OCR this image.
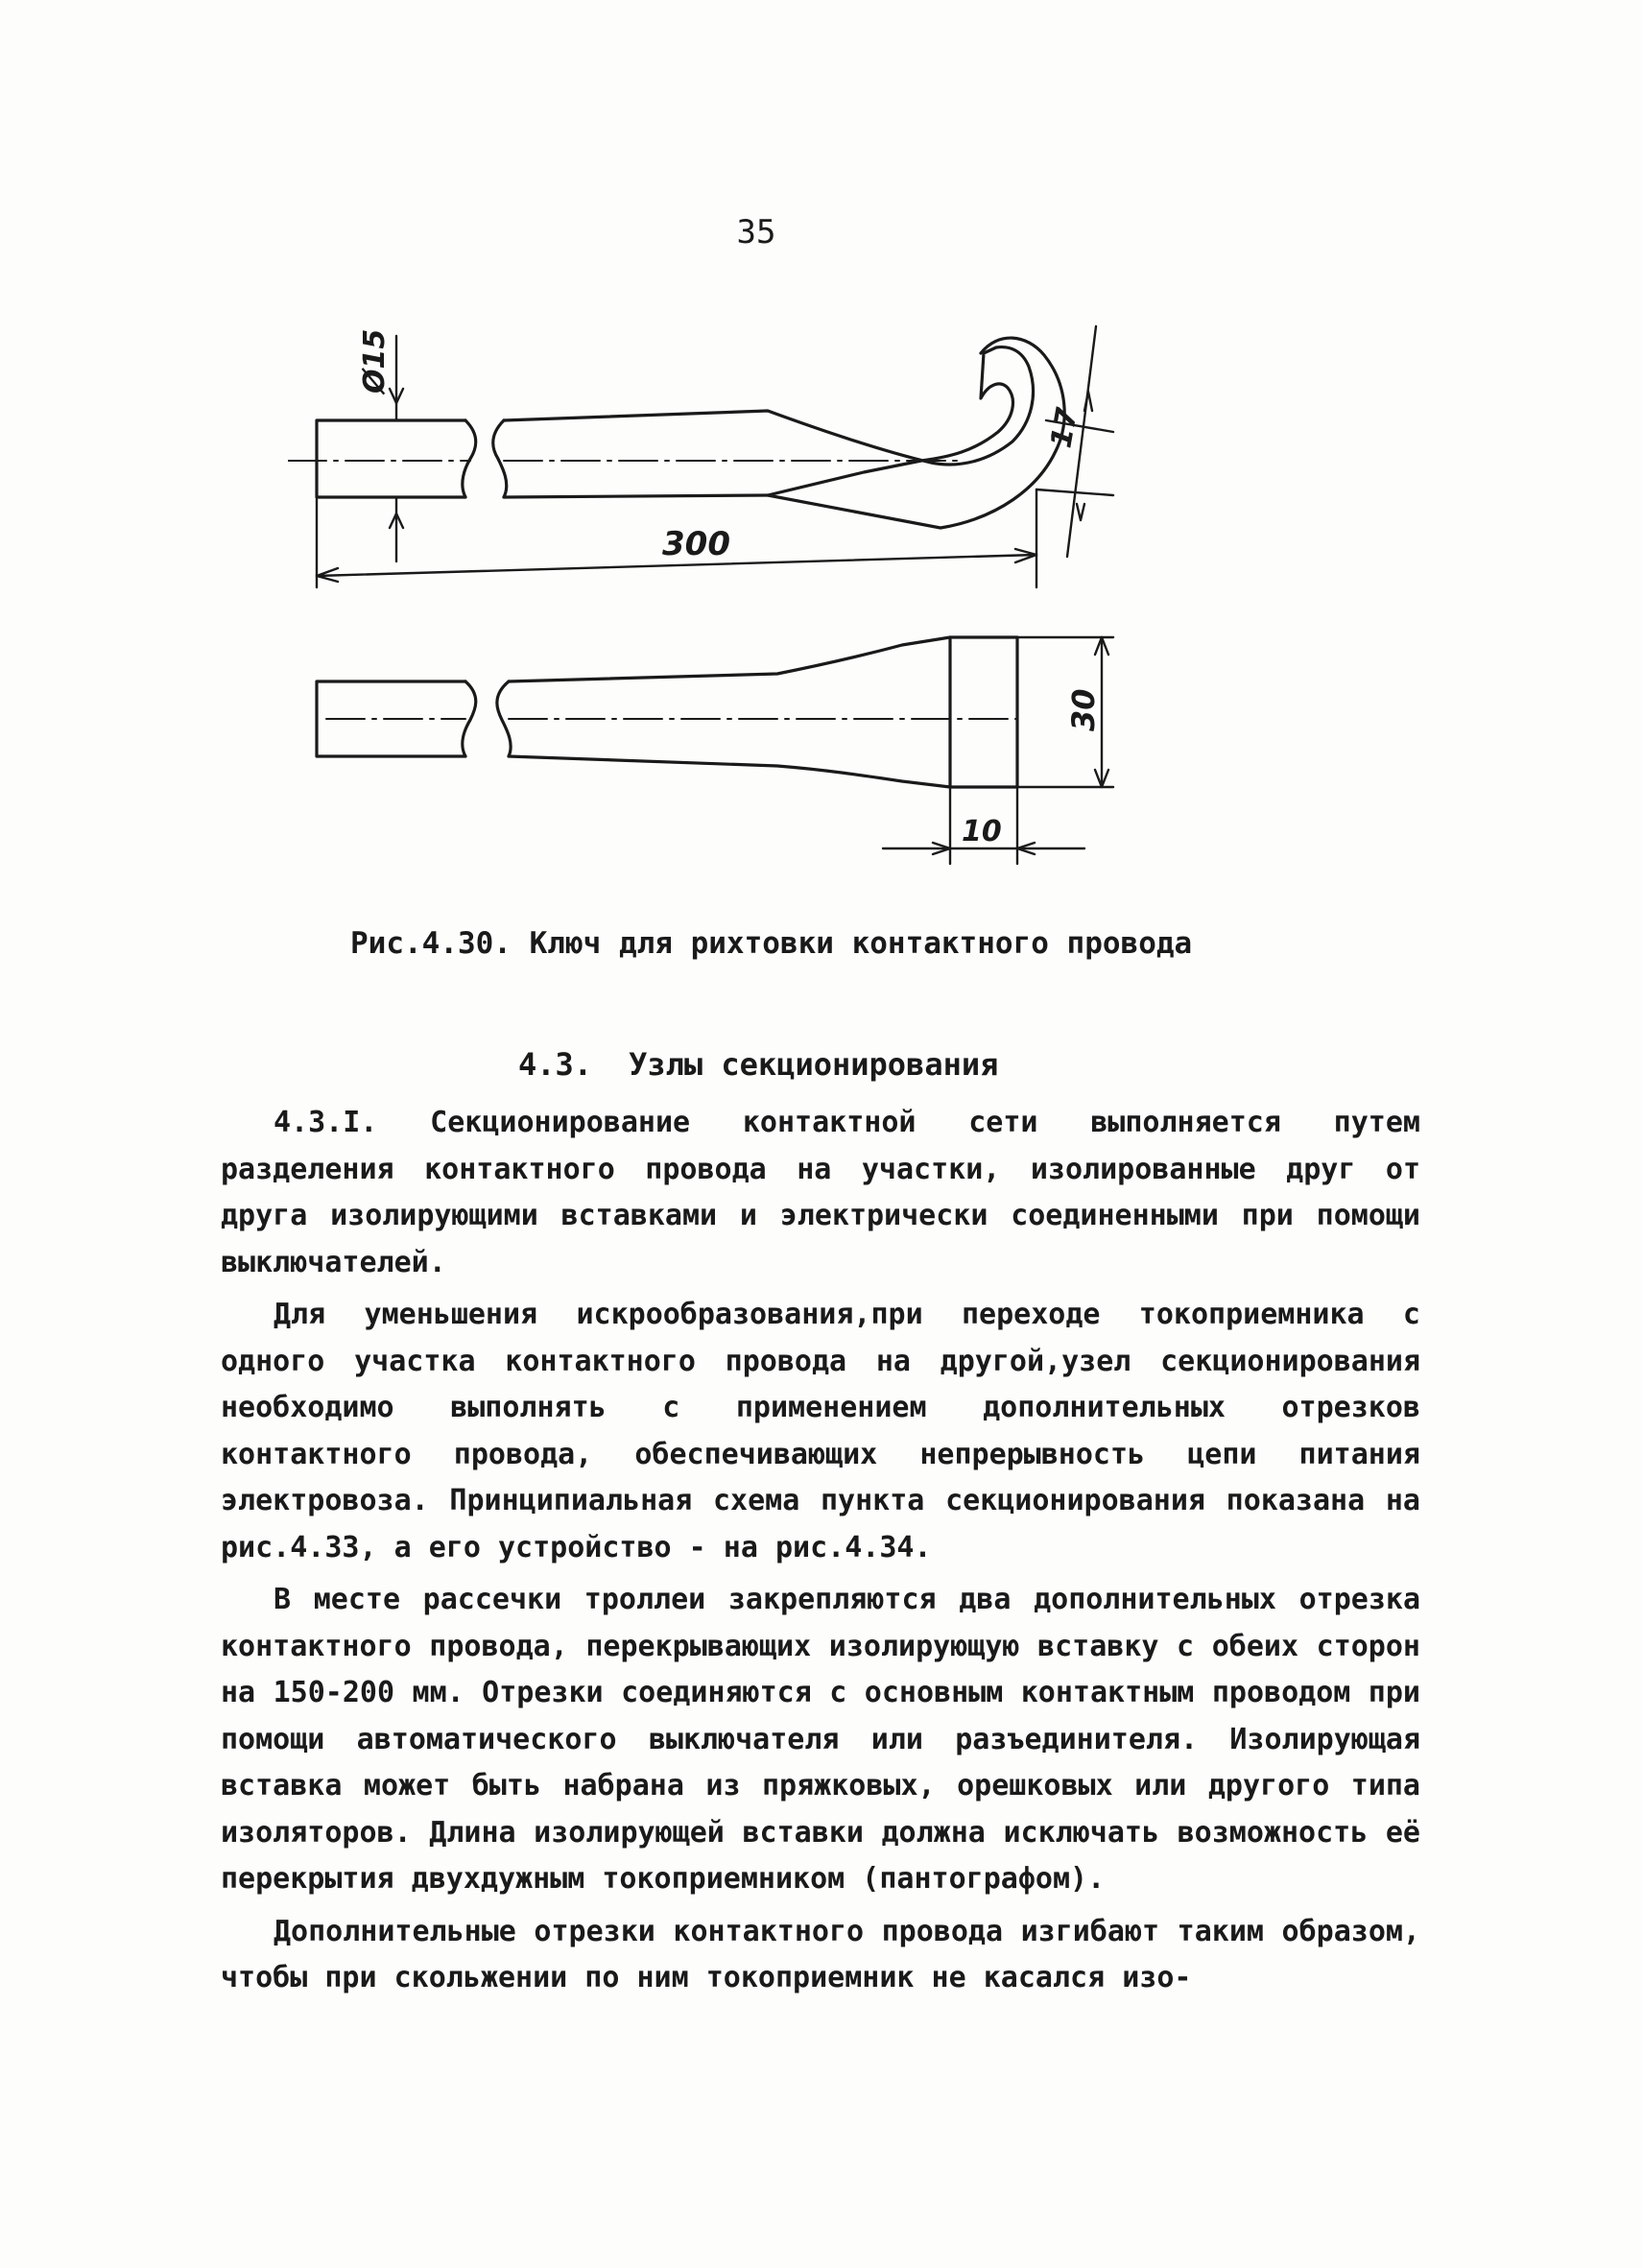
35
Ø15
300
17
30
10
Рис.4.30. Ключ для рихтовки контактного провода
4.3. Узлы секционирования

4.3.I. Секционирование контактной сети выполняется путем разделения контактного провода на участки, изолированные друг от друга изолирующими вставками и электрически соединенными при помощи выключателей.

Для уменьшения искрообразования,при переходе токоприемника с одного участка контактного провода на другой,узел секционирования необходимо выполнять с применением дополнительных отрезков контактного провода, обеспечивающих непрерывность цепи питания электровоза. Принципиальная схема пункта секционирования показана на рис.4.33, а его устройство - на рис.4.34.

В месте рассечки троллеи закрепляются два дополнительных отрезка контактного провода, перекрывающих изолирующую вставку с обеих сторон на 150-200 мм. Отрезки соединяются с основным контактным проводом при помощи автоматического выключателя или разъединителя. Изолирующая вставка может быть набрана из пряжковых, орешковых или другого типа изоляторов. Длина изолирующей вставки должна исключать возможность её перекрытия двухдужным токоприемником (пантографом).

Дополнительные отрезки контактного провода изгибают таким образом, чтобы при скольжении по ним токоприемник не касался изо-
